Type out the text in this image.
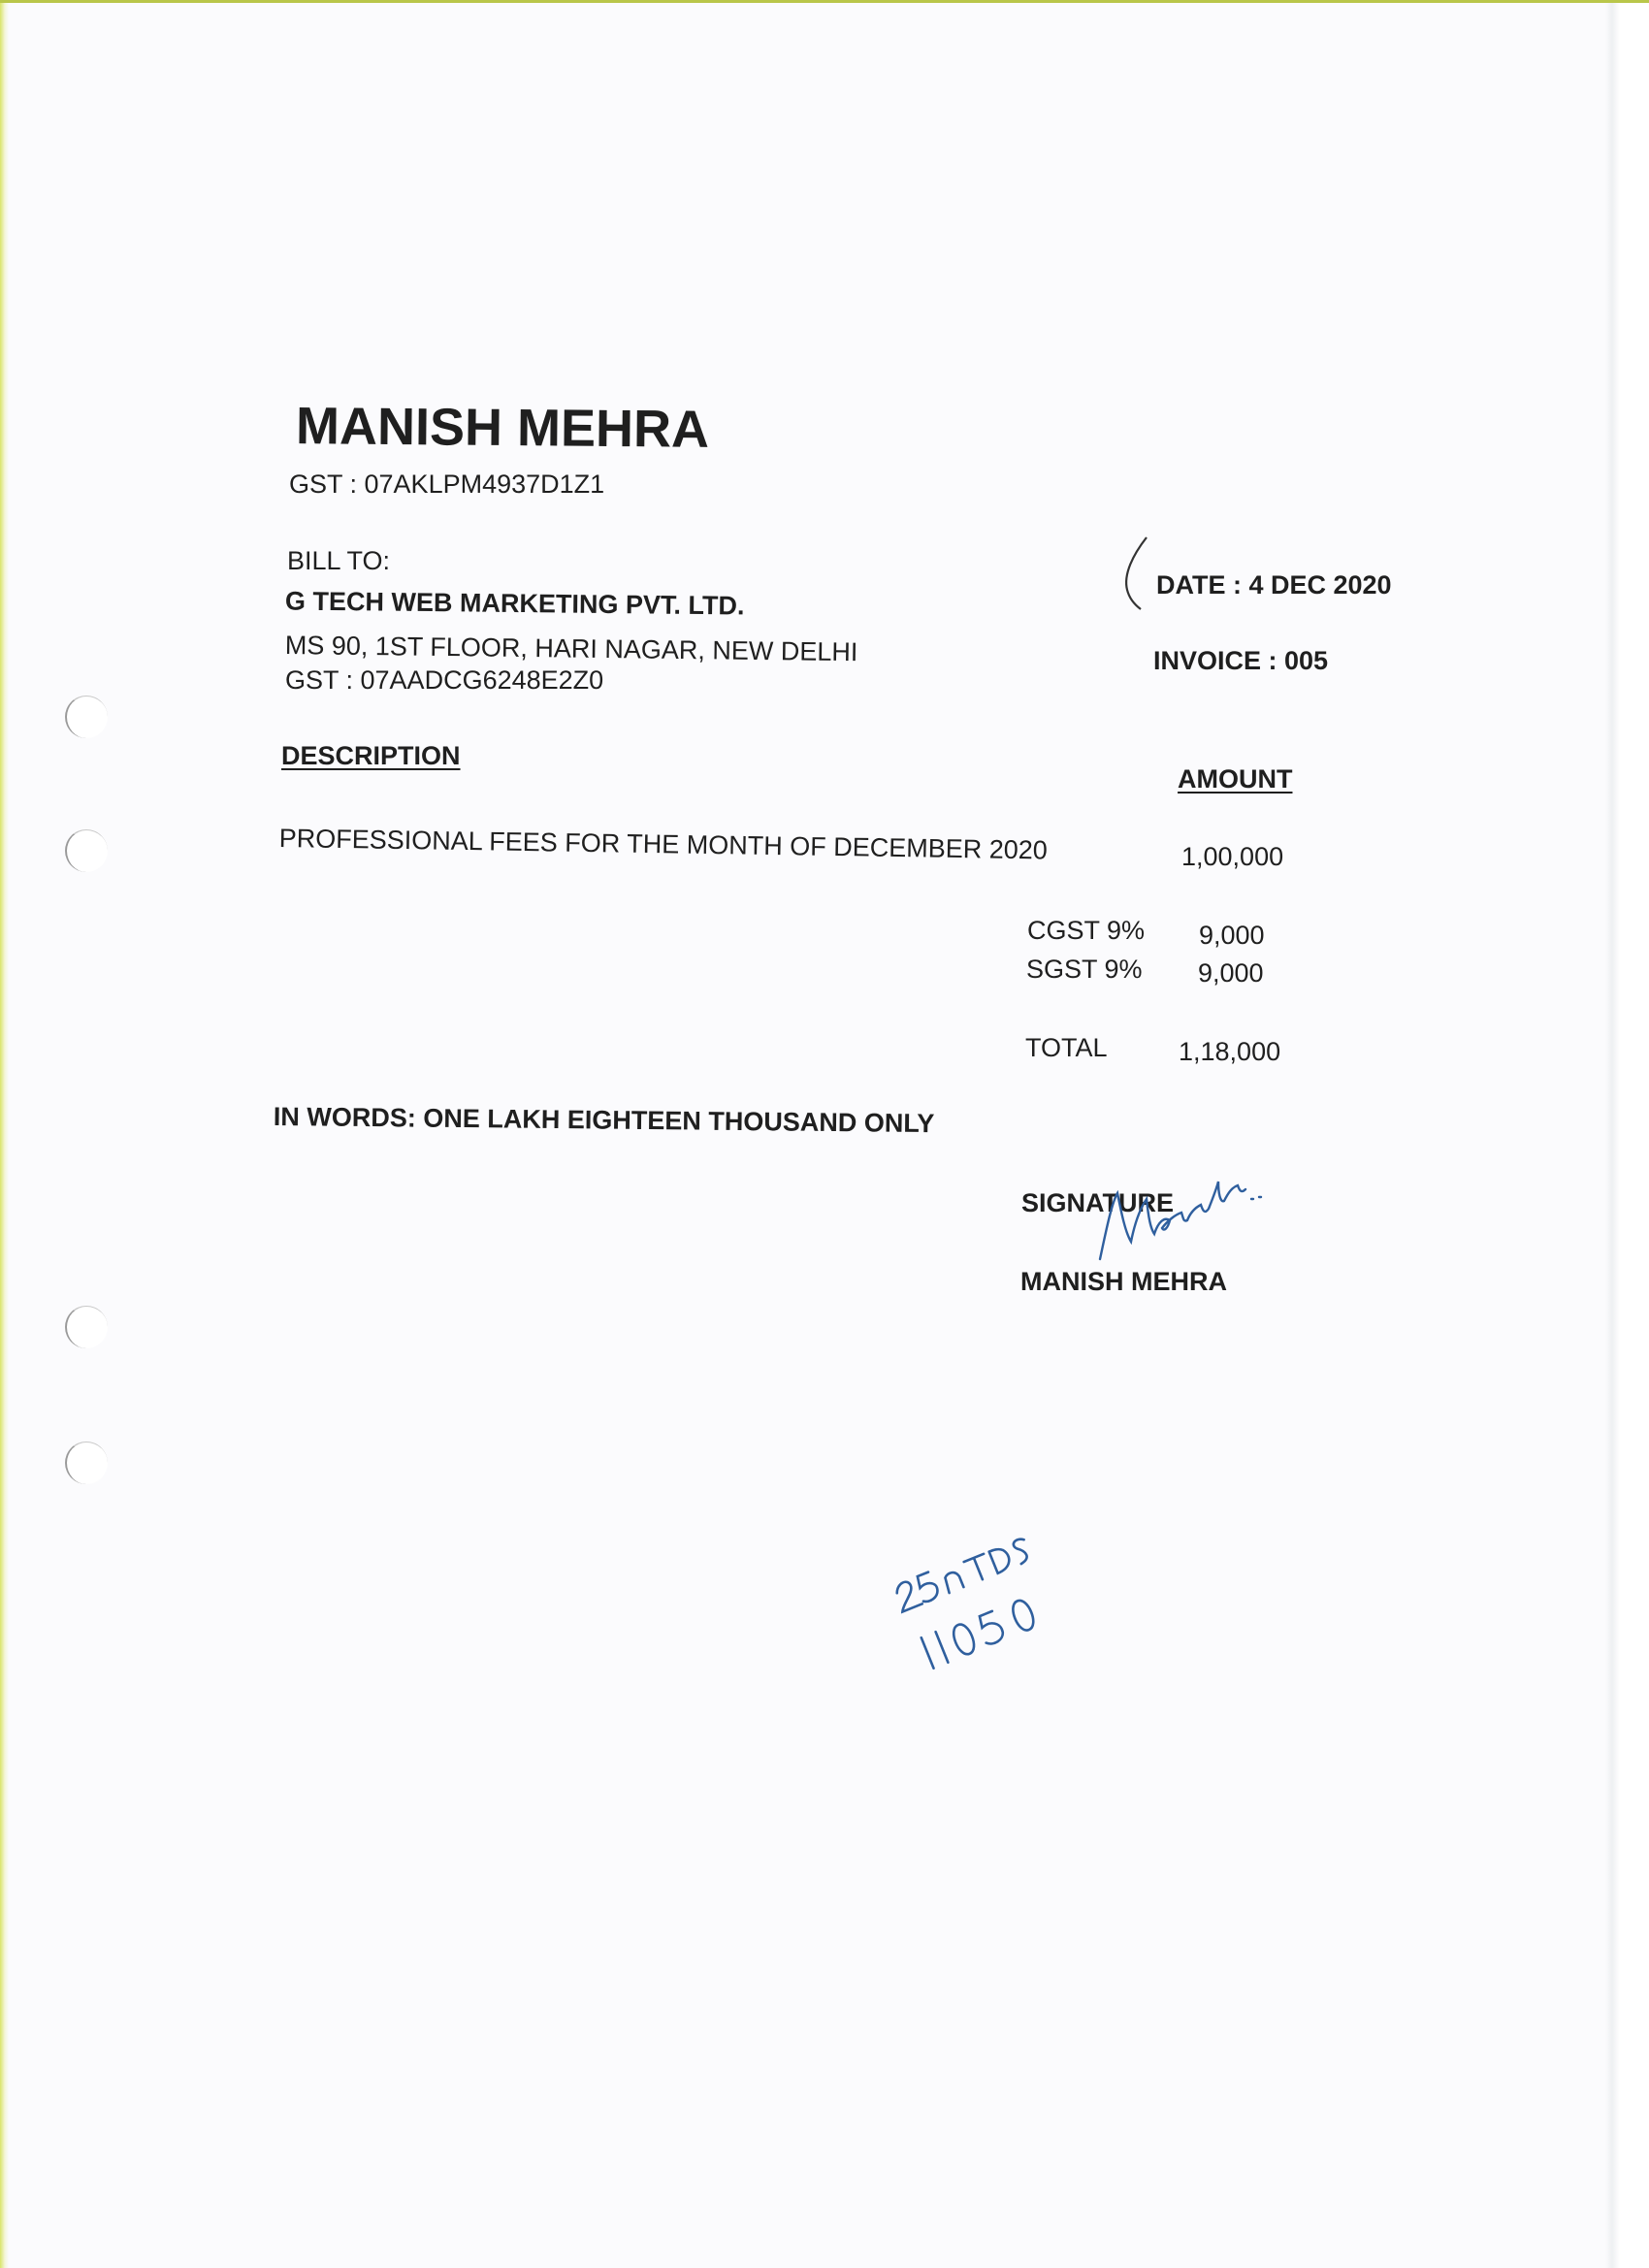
MANISH MEHRA
GST : 07AKLPM4937D1Z1
BILL TO:
G TECH WEB MARKETING PVT. LTD.
MS 90, 1ST FLOOR, HARI NAGAR, NEW DELHI
GST : 07AADCG6248E2Z0
DATE : 4 DEC 2020
INVOICE : 005
DESCRIPTION
AMOUNT
PROFESSIONAL FEES FOR THE MONTH OF DECEMBER 2020	1,00,000
CGST 9% 9,000
SGST 9% 9,000
TOTAL	1,18,000
IN WORDS: ONE LAKH EIGHTEEN THOUSAND ONLY
SIGNATURE
MANISH MEHRA
